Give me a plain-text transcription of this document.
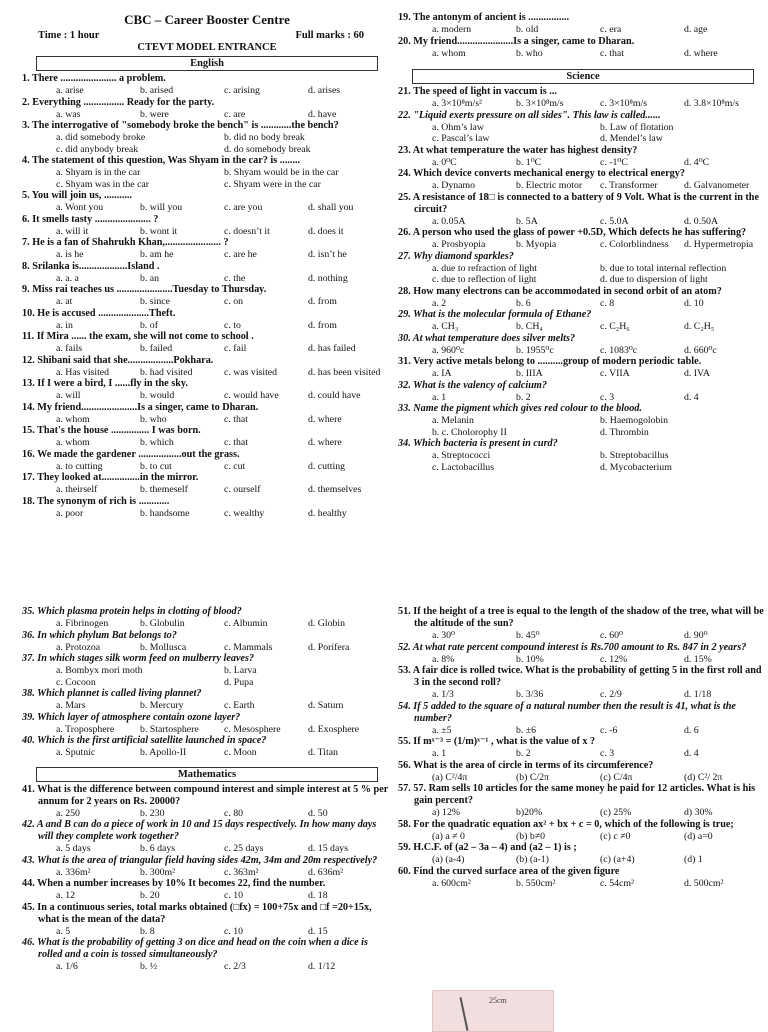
CBC – Career Booster Centre
Time : 1 hour	Full marks : 60
CTEVT MODEL ENTRANCE
English
1. There ...................... a problem.
a. arise	b. arised	c. arising	d. arises
2. Everything ................ Ready for the party.
a. was	b. were	c. are	d. have
3. The interrogative of "somebody broke the bench" is ............the bench?
a. did somebody broke	b. did no body break
c. did anybody break	d. do somebody break
4. The statement of this question, Was Shyam in the car? is ........
a. Shyam is in the car	b. Shyam would be in the car
c. Shyam was in the car	c. Shyam were in the car
5. You will join us, ...........
a. Wont you	b. will you	c. are you	d. shall you
6. It smells tasty ...................... ?
a. will it	b. wont it	c. doesn’t it	d. does it
7. He is a fan of Shahrukh Khan,...................... ?
a. is he	b. am he	c. are he	d. isn’t he
8. Srilanka is...................Island .
a. a. a	b. an	c. the	d. nothing
9. Miss rai teaches us ......................Tuesday to Thursday.
a. at	b. since	c. on	d. from
10. He is accused ....................Theft.
a. in	b. of	c. to	d. from
11. If Mira ...... the exam, she will not come to school .
a. fails	b. failed	c. fail	d. has failed
12. Shibani said that she..................Pokhara.
a. Has visited	b. had visited	c. was visited	d. has been visited
13. If I were a bird, I ......fly in the sky.
a. will	b. would	c. would have	d. could have
14. My friend......................Is a singer, came to Dharan.
a. whom	b. who	c. that	d. where
15. That's the house ............... I was born.
a. whom	b. which	c. that	d. where
16. We made the gardener .................out the grass.
a. to cutting	b. to cut	c. cut	d. cutting
17. They looked at...............in the mirror.
a. theirself	b. themeself	c. ourself	d. themselves
18. The synonym of rich is ............
a. poor	b. handsome	c. wealthy	d. healthy
19. The antonym of ancient is ................
a. modern	b. old	c. era	d. age
20. My friend......................Is a singer, came to Dharan.
a. whom	b. who	c. that	d. where
Science
21. The speed of light in vaccum is ...
a. 3×10⁸m/s²	b. 3×10⁸m/s	c. 3×10⁸m/s	d. 3.8×10⁸m/s
22. "Liquid exerts pressure on all sides". This law is called......
a. Ohm’s law	b. Law of flotation
c. Pascal’s law	d. Mendel’s law
23. At what temperature the water has highest density?
a. 0⁰C	b. 1⁰C	c. -1⁰C	d. 4⁰C
24. Which device converts mechanical energy to electrical energy?
a. Dynamo	b. Electric motor	c. Transformer	d. Galvanometer
25. A resistance of 18□ is connected to a battery of 9 Volt. What is the current in the circuit?
a. 0.05A	b. 5A	c. 5.0A	d. 0.50A
26. A person who used the glass of power +0.5D, Which defects he has suffering?
a. Prosbyopia	b. Myopia	c. Colorblindness	d. Hypermetropia
27. Why diamond sparkles?
a. due to refraction of light	b. due to total internal reflection
c. due to reflection of light	d. due to dispersion of light
28. How many electrons can be accommodated in second orbit of an atom?
a. 2	b. 6	c. 8	d. 10
29. What is the molecular formula of Ethane?
a. CH₃	b. CH₄	c. C₂H₆	d. C₂H₅
30. At what temperature does silver melts?
a. 960⁰c	b. 1955⁰c	c. 1083⁰c	d. 660⁰c
31. Very active metals belong to ..........group of modern periodic table.
a. IA	b. IIIA	c. VIIA	d. IVA
32. What is the valency of calcium?
a. 1	b. 2	c. 3	d. 4
33. Name the pigment which gives red colour to the blood.
a. Melanin	b. Haemogolobin
b. c. Cholorophy II	d. Thrombin
34. Which bacteria is present in curd?
a. Streptococci	b. Streptobacillus
c. Lactobacillus	d. Mycobacterium
35. Which plasma protein helps in clotting of blood?
a. Fibrinogen	b. Globulin	c. Albumin	d. Globin
36. In which phylum Bat belongs to?
a. Protozoa	b. Mollusca	c. Mammals	d. Porifera
37. In which stages silk worm feed on mulberry leaves?
a. Bombyx mori moth	b. Larva
c. Cocoon	d. Pupa
38. Which plannet is called living plannet?
a. Mars	b. Mercury	c. Earth	d. Saturn
39. Which layer of atmosphere contain ozone layer?
a. Troposphere	b. Startosphere	c. Mesosphere	d. Exosphere
40. Which is the first artificial satellite launched in space?
a. Sputnic	b. Apollo-II	c. Moon	d. Titan
Mathematics
41. What is the difference between compound interest and simple interest at 5 % per annum for 2 years on Rs. 20000?
a. 250	b. 230	c. 80	d. 50
42. A and B can do a piece of work in 10 and 15 days respectively. In how many days will they complete work together?
a. 5 days	b. 6 days	c. 25 days	d. 15 days
43. What is the area of triangular field having sides 42m, 34m and 20m respectively?
a. 336m²	b. 300m²	c. 363m²	d. 636m²
44. When a number increases by 10% It becomes 22, find the number.
a. 12	b. 20	c. 10	d. 18
45. In a continuous series, total marks obtained (□fx) = 100+75x and □f =20+15x, what is the mean of the data?
a. 5	b. 8	c. 10	d. 15
46. What is the probability of getting 3 on dice and head on the coin when a dice is rolled and a coin is tossed simultaneously?
a. 1/6	b. ½	c. 2/3	d. 1/12
51. If the height of a tree is equal to the length of the shadow of the tree, what will be the altitude of the sun?
a. 30⁰	b. 45⁰	c. 60⁰	d. 90⁰
52. At what rate percent compound interest is Rs.700 amount to Rs. 847 in 2 years?
a. 8%	b. 10%	c. 12%	d. 15%
53. A fair dice is rolled twice. What is the probability of getting 5 in the first roll and 3 in the second roll?
a. 1/3	b. 3/36	c. 2/9	d. 1/18
54. If 5 added to the square of a natural number then the result is 41, what is the number?
a. ±5	b. ±6	c. -6	d. 6
55. If mˣ⁻³ = (1/m)ˣ⁻¹ , what is the value of x ?
a. 1	b. 2	c. 3	d. 4
56. What is the area of circle in terms of its circumference?
(a) C²/4π	(b) C/2π	(c) C/4π	(d) C²/ 2π
57. 57. Ram sells 10 articles for the same money he paid for 12 articles. What is his gain percent?
a) 12%	b)20%	(c) 25%	d) 30%
58. For the quadratic equation ax² + bx + c = 0, which of the following is true;
(a) a ≠ 0	(b) b≠0	(c) c ≠0	(d) a=0
59. H.C.F. of (a2 – 3a – 4) and (a2 – 1) is ;
(a) (a-4)	(b) (a-1)	(c) (a+4)	(d) 1
60. Find the curved surface area of the given figure
a. 600cm²	b. 550cm²	c. 54cm²	d. 500cm²
25cm
